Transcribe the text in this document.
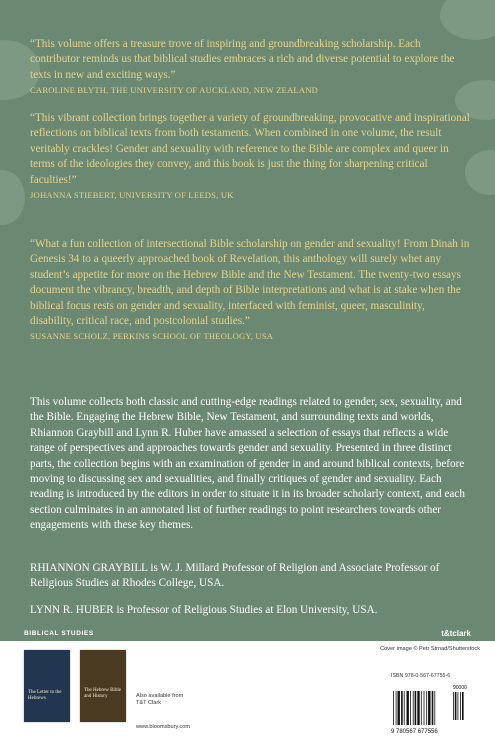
“This volume offers a treasure trove of inspiring and groundbreaking scholarship. Each contributor reminds us that biblical studies embraces a rich and diverse potential to explore the texts in new and exciting ways.”

CAROLINE BLYTH, THE UNIVERSITY OF AUCKLAND, NEW ZEALAND

“This vibrant collection brings together a variety of groundbreaking, provocative and inspirational reflections on biblical texts from both testaments. When combined in one volume, the result veritably crackles! Gender and sexuality with reference to the Bible are complex and queer in terms of the ideologies they convey, and this book is just the thing for sharpening critical faculties!”

JOHANNA STIEBERT, UNIVERSITY OF LEEDS, UK

“What a fun collection of intersectional Bible scholarship on gender and sexuality! From Dinah in Genesis 34 to a queerly approached book of Revelation, this anthology will surely whet any student’s appetite for more on the Hebrew Bible and the New Testament. The twenty-two essays document the vibrancy, breadth, and depth of Bible interpretations and what is at stake when the biblical focus rests on gender and sexuality, interfaced with feminist, queer, masculinity, disability, critical race, and postcolonial studies.”

SUSANNE SCHOLZ, PERKINS SCHOOL OF THEOLOGY, USA

This volume collects both classic and cutting-edge readings related to gender, sex, sexuality, and the Bible. Engaging the Hebrew Bible, New Testament, and surrounding texts and worlds, Rhiannon Graybill and Lynn R. Huber have amassed a selection of essays that reflects a wide range of perspectives and approaches towards gender and sexuality. Presented in three distinct parts, the collection begins with an examination of gender in and around biblical contexts, before moving to discussing sex and sexualities, and finally critiques of gender and sexuality. Each reading is introduced by the editors in order to situate it in its broader scholarly context, and each section culminates in an annotated list of further readings to point researchers towards other engagements with these key themes.

RHIANNON GRAYBILL is W. J. Millard Professor of Religion and Associate Professor of Religious Studies at Rhodes College, USA.

LYNN R. HUBER is Professor of Religious Studies at Elon University, USA.

BIBLICAL STUDIES	t&tclark
The Letter to the Hebrews
The Hebrew Bible and History	Also available from T&T Clark
www.bloomsbury.com
Cover image © Petr Strnad/Shutterstock
ISBN 978-0-567-67755-6
9 780567 677556
90000
